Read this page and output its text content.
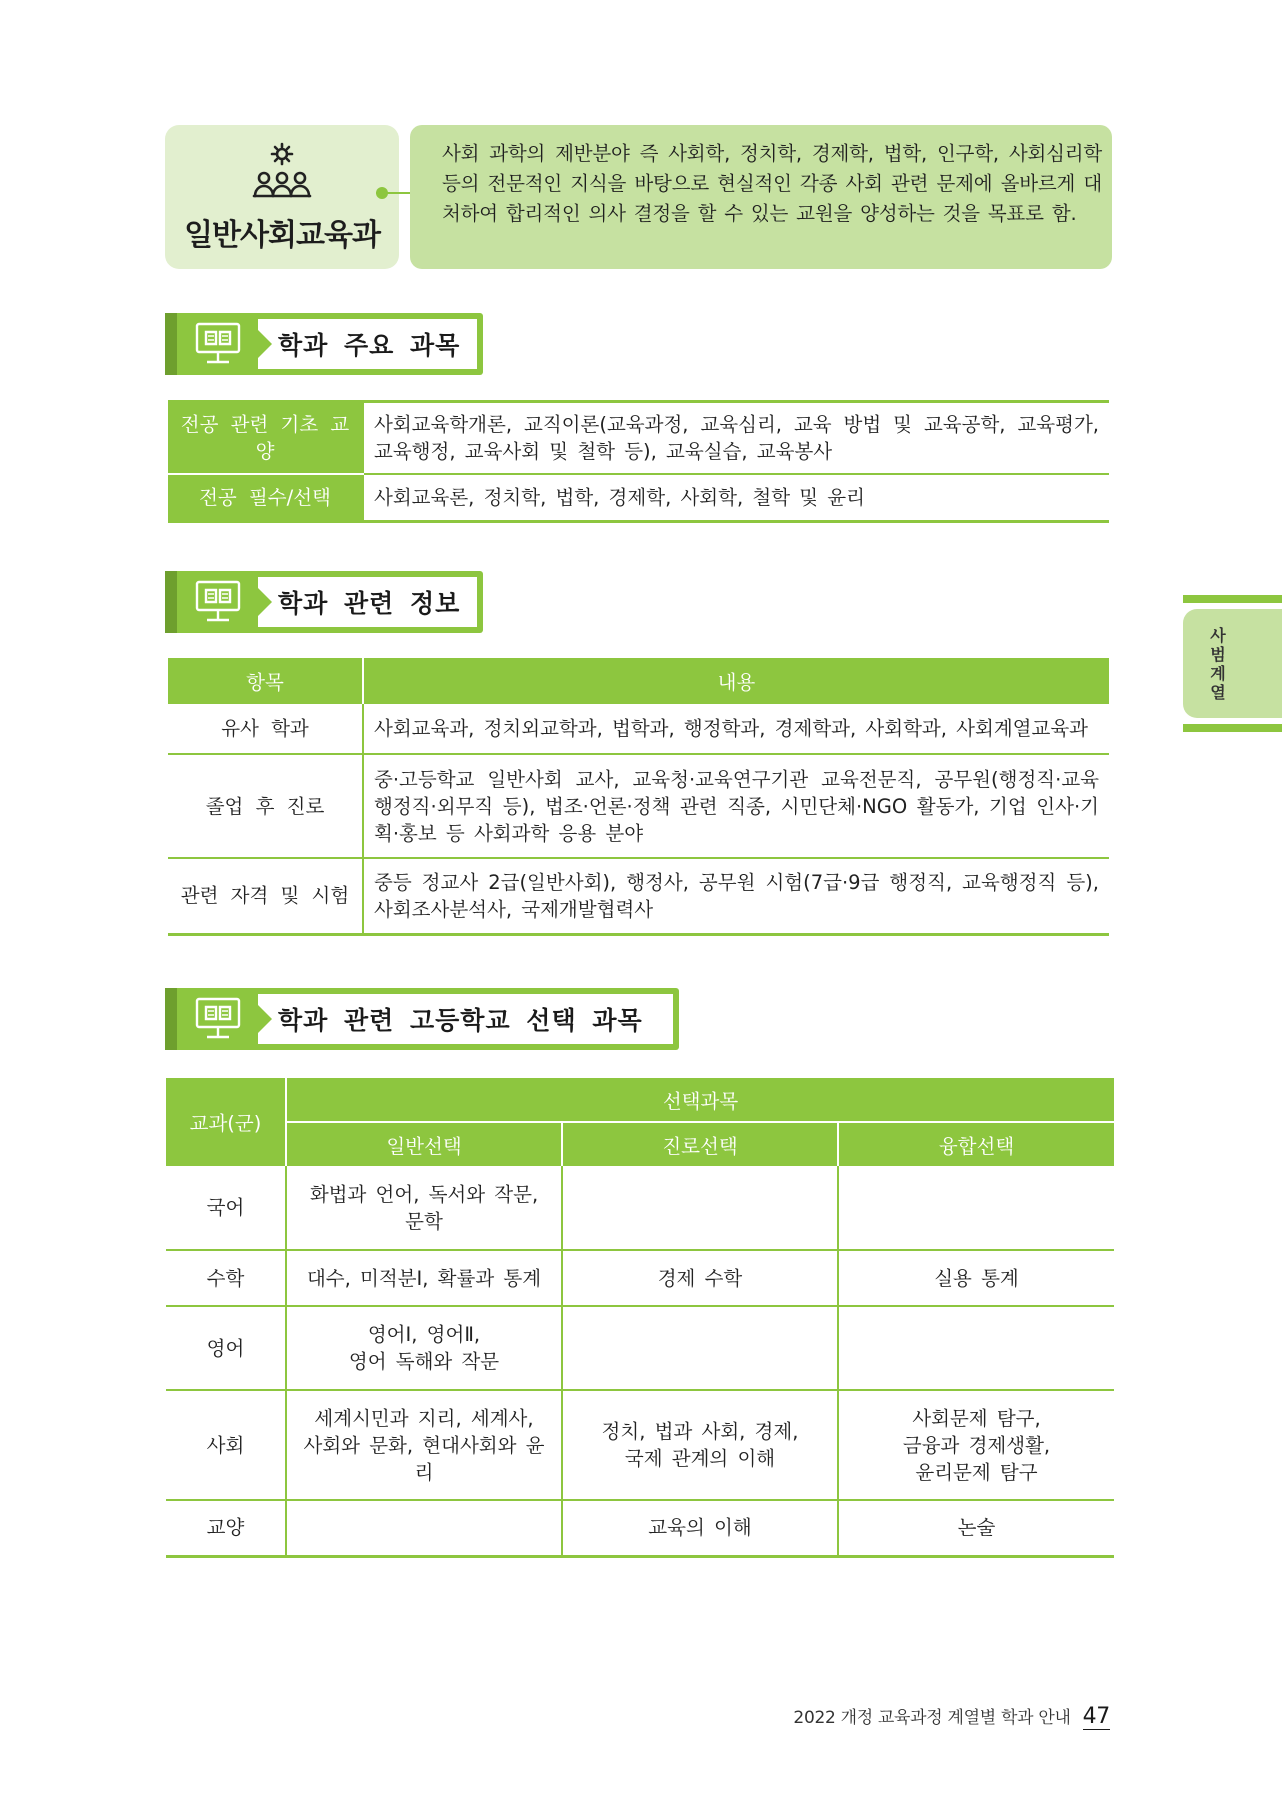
일반사회교육과
사회 과학의 제반분야 즉 사회학, 정치학, 경제학, 법학, 인구학, 사회심리학 등의 전문적인 지식을 바탕으로 현실적인 각종 사회 관련 문제에 올바르게 대처하여 합리적인 의사 결정을 할 수 있는 교원을 양성하는 것을 목표로 함.
학과 주요 과목
전공 관련 기초 교양	사회교육학개론, 교직이론(교육과정, 교육심리, 교육 방법 및 교육공학, 교육평가, 교육행정, 교육사회 및 철학 등), 교육실습, 교육봉사
전공 필수/선택	사회교육론, 정치학, 법학, 경제학, 사회학, 철학 및 윤리
학과 관련 정보
항목	내용
유사 학과	사회교육과, 정치외교학과, 법학과, 행정학과, 경제학과, 사회학과, 사회계열교육과
졸업 후 진로	중·고등학교 일반사회 교사, 교육청·교육연구기관 교육전문직, 공무원(행정직·교육행정직·외무직 등), 법조·언론·정책 관련 직종, 시민단체·NGO 활동가, 기업 인사·기획·홍보 등 사회과학 응용 분야
관련 자격 및 시험	중등 정교사 2급(일반사회), 행정사, 공무원 시험(7급·9급 행정직, 교육행정직 등), 사회조사분석사, 국제개발협력사
학과 관련 고등학교 선택 과목
교과(군)	선택과목		
	일반선택	진로선택	융합선택
국어	화법과 언어, 독서와 작문,
문학		

수학	대수, 미적분Ⅰ, 확률과 통계	경제 수학	실용 통계

영어	영어Ⅰ, 영어Ⅱ,
영어 독해와 작문		

사회	세계시민과 지리, 세계사,
사회와 문화, 현대사회와 윤리	정치, 법과 사회, 경제,
국제 관계의 이해	사회문제 탐구,
금융과 경제생활,
윤리문제 탐구

교양		교육의 이해	논술
사
범
계
열
2022 개정 교육과정 계열별 학과 안내 47
